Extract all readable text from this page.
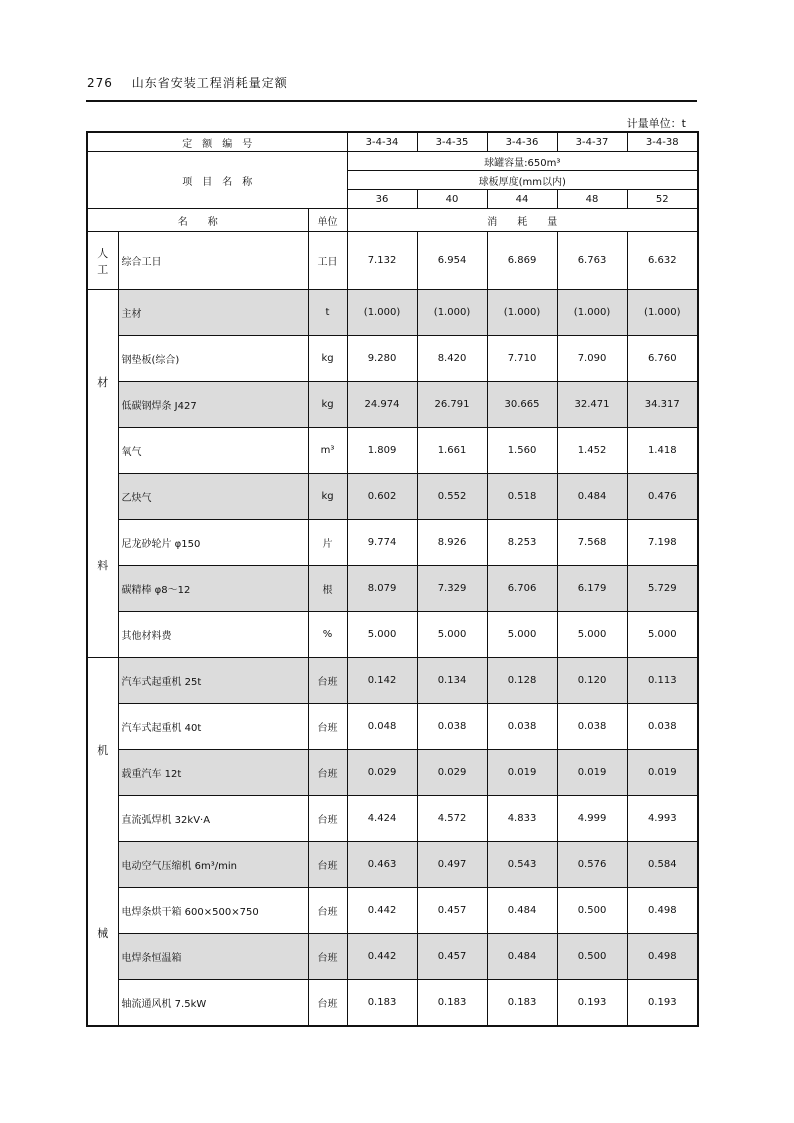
276 山东省安装工程消耗量定额
计量单位：t
定　额　编　号			3-4-34	3-4-35	3-4-36	3-4-37	3-4-38
项　目　名　称			球罐容量:650m³				
			球板厚度(mm以内)				
			36	40	44	48	52
名　　称		单位	消　　耗　　量				

人
工	综合工日	工日	7.132	6.954	6.869	6.763	6.632

材
料	主材	t	(1.000)	(1.000)	(1.000)	(1.000)	(1.000)
	钢垫板(综合)	kg	9.280	8.420	7.710	7.090	6.760
	低碳钢焊条 J427	kg	24.974	26.791	30.665	32.471	34.317
	氧气	m³	1.809	1.661	1.560	1.452	1.418
	乙炔气	kg	0.602	0.552	0.518	0.484	0.476
	尼龙砂轮片 φ150	片	9.774	8.926	8.253	7.568	7.198
	碳精棒 φ8～12	根	8.079	7.329	6.706	6.179	5.729
	其他材料费	%	5.000	5.000	5.000	5.000	5.000

机
械	汽车式起重机 25t	台班	0.142	0.134	0.128	0.120	0.113
	汽车式起重机 40t	台班	0.048	0.038	0.038	0.038	0.038
	载重汽车 12t	台班	0.029	0.029	0.019	0.019	0.019
	直流弧焊机 32kV·A	台班	4.424	4.572	4.833	4.999	4.993
	电动空气压缩机 6m³/min	台班	0.463	0.497	0.543	0.576	0.584
	电焊条烘干箱 600×500×750	台班	0.442	0.457	0.484	0.500	0.498
	电焊条恒温箱	台班	0.442	0.457	0.484	0.500	0.498
	轴流通风机 7.5kW	台班	0.183	0.183	0.183	0.193	0.193
